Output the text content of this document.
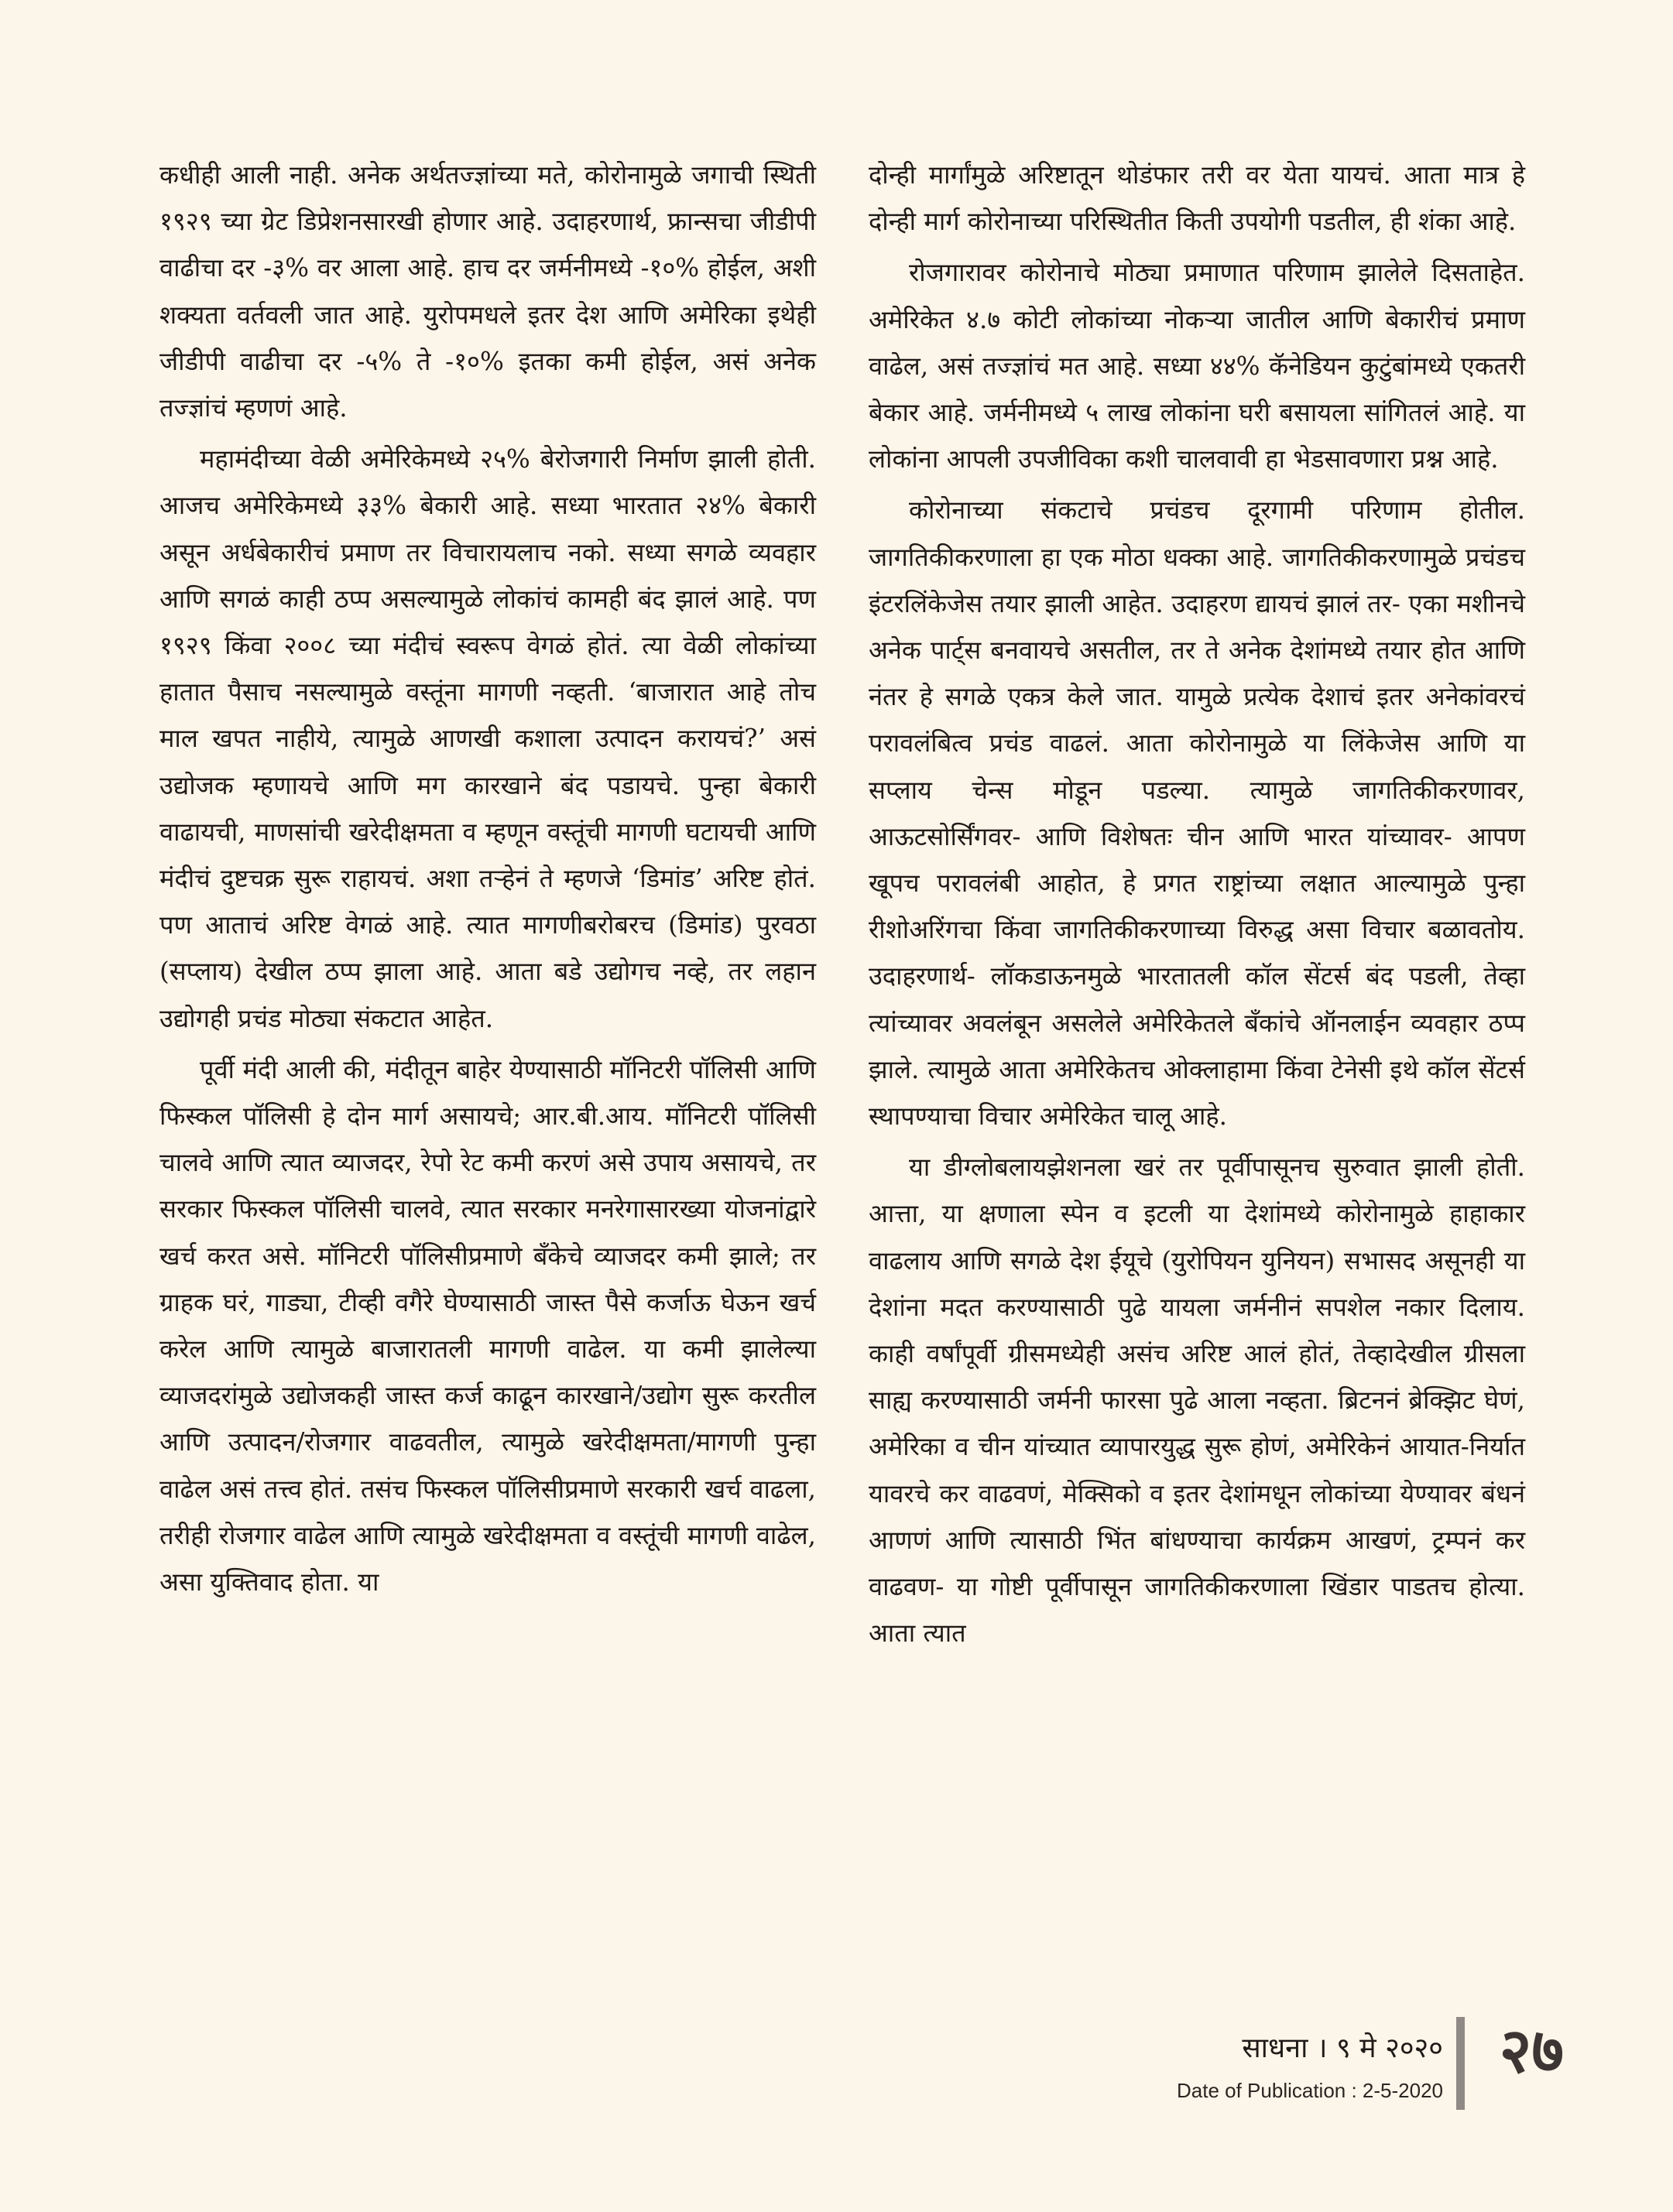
कधीही आली नाही. अनेक अर्थतज्ज्ञांच्या मते, कोरोनामुळे जगाची स्थिती १९२९ च्या ग्रेट डिप्रेशनसारखी होणार आहे. उदाहरणार्थ, फ्रान्सचा जीडीपी वाढीचा दर -३% वर आला आहे. हाच दर जर्मनीमध्ये -१०% होईल, अशी शक्यता वर्तवली जात आहे. युरोपमधले इतर देश आणि अमेरिका इथेही जीडीपी वाढीचा दर -५% ते -१०% इतका कमी होईल, असं अनेक तज्ज्ञांचं म्हणणं आहे.

महामंदीच्या वेळी अमेरिकेमध्ये २५% बेरोजगारी निर्माण झाली होती. आजच अमेरिकेमध्ये ३३% बेकारी आहे. सध्या भारतात २४% बेकारी असून अर्धबेकारीचं प्रमाण तर विचारायलाच नको. सध्या सगळे व्यवहार आणि सगळं काही ठप्प असल्यामुळे लोकांचं कामही बंद झालं आहे. पण १९२९ किंवा २००८ च्या मंदीचं स्वरूप वेगळं होतं. त्या वेळी लोकांच्या हातात पैसाच नसल्यामुळे वस्तूंना मागणी नव्हती. ‘बाजारात आहे तोच माल खपत नाहीये, त्यामुळे आणखी कशाला उत्पादन करायचं?’ असं उद्योजक म्हणायचे आणि मग कारखाने बंद पडायचे. पुन्हा बेकारी वाढायची, माणसांची खरेदीक्षमता व म्हणून वस्तूंची मागणी घटायची आणि मंदीचं दुष्टचक्र सुरू राहायचं. अशा तऱ्हेनं ते म्हणजे ‘डिमांड’ अरिष्ट होतं. पण आताचं अरिष्ट वेगळं आहे. त्यात मागणीबरोबरच (डिमांड) पुरवठा (सप्लाय) देखील ठप्प झाला आहे. आता बडे उद्योगच नव्हे, तर लहान उद्योगही प्रचंड मोठ्या संकटात आहेत.

पूर्वी मंदी आली की, मंदीतून बाहेर येण्यासाठी मॉनिटरी पॉलिसी आणि फिस्कल पॉलिसी हे दोन मार्ग असायचे; आर.बी.आय. मॉनिटरी पॉलिसी चालवे आणि त्यात व्याजदर, रेपो रेट कमी करणं असे उपाय असायचे, तर सरकार फिस्कल पॉलिसी चालवे, त्यात सरकार मनरेगासारख्या योजनांद्वारे खर्च करत असे. मॉनिटरी पॉलिसीप्रमाणे बँकेचे व्याजदर कमी झाले; तर ग्राहक घरं, गाड्या, टीव्ही वगैरे घेण्यासाठी जास्त पैसे कर्जाऊ घेऊन खर्च करेल आणि त्यामुळे बाजारातली मागणी वाढेल. या कमी झालेल्या व्याजदरांमुळे उद्योजकही जास्त कर्ज काढून कारखाने/उद्योग सुरू करतील आणि उत्पादन/रोजगार वाढवतील, त्यामुळे खरेदीक्षमता/मागणी पुन्हा वाढेल असं तत्त्व होतं. तसंच फिस्कल पॉलिसीप्रमाणे सरकारी खर्च वाढला, तरीही रोजगार वाढेल आणि त्यामुळे खरेदीक्षमता व वस्तूंची मागणी वाढेल, असा युक्तिवाद होता. या

दोन्ही मार्गांमुळे अरिष्टातून थोडंफार तरी वर येता यायचं. आता मात्र हे दोन्ही मार्ग कोरोनाच्या परिस्थितीत किती उपयोगी पडतील, ही शंका आहे.

रोजगारावर कोरोनाचे मोठ्या प्रमाणात परिणाम झालेले दिसताहेत. अमेरिकेत ४.७ कोटी लोकांच्या नोकऱ्या जातील आणि बेकारीचं प्रमाण वाढेल, असं तज्ज्ञांचं मत आहे. सध्या ४४% कॅनेडियन कुटुंबांमध्ये एकतरी बेकार आहे. जर्मनीमध्ये ५ लाख लोकांना घरी बसायला सांगितलं आहे. या लोकांना आपली उपजीविका कशी चालवावी हा भेडसावणारा प्रश्न आहे.

कोरोनाच्या संकटाचे प्रचंडच दूरगामी परिणाम होतील. जागतिकीकरणाला हा एक मोठा धक्का आहे. जागतिकीकरणामुळे प्रचंडच इंटरलिंकेजेस तयार झाली आहेत. उदाहरण द्यायचं झालं तर- एका मशीनचे अनेक पार्ट्स बनवायचे असतील, तर ते अनेक देशांमध्ये तयार होत आणि नंतर हे सगळे एकत्र केले जात. यामुळे प्रत्येक देशाचं इतर अनेकांवरचं परावलंबित्व प्रचंड वाढलं. आता कोरोनामुळे या लिंकेजेस आणि या सप्लाय चेन्स मोडून पडल्या. त्यामुळे जागतिकीकरणावर, आऊटसोर्सिंगवर- आणि विशेषतः चीन आणि भारत यांच्यावर- आपण खूपच परावलंबी आहोत, हे प्रगत राष्ट्रांच्या लक्षात आल्यामुळे पुन्हा रीशोअरिंगचा किंवा जागतिकीकरणाच्या विरुद्ध असा विचार बळावतोय. उदाहरणार्थ- लॉकडाऊनमुळे भारतातली कॉल सेंटर्स बंद पडली, तेव्हा त्यांच्यावर अवलंबून असलेले अमेरिकेतले बँकांचे ऑनलाईन व्यवहार ठप्प झाले. त्यामुळे आता अमेरिकेतच ओक्लाहामा किंवा टेनेसी इथे कॉल सेंटर्स स्थापण्याचा विचार अमेरिकेत चालू आहे.

या डीग्लोबलायझेशनला खरं तर पूर्वीपासूनच सुरुवात झाली होती. आत्ता, या क्षणाला स्पेन व इटली या देशांमध्ये कोरोनामुळे हाहाकार वाढलाय आणि सगळे देश ईयूचे (युरोपियन युनियन) सभासद असूनही या देशांना मदत करण्यासाठी पुढे यायला जर्मनीनं सपशेल नकार दिलाय. काही वर्षांपूर्वी ग्रीसमध्येही असंच अरिष्ट आलं होतं, तेव्हादेखील ग्रीसला साह्य करण्यासाठी जर्मनी फारसा पुढे आला नव्हता. ब्रिटननं ब्रेक्झिट घेणं, अमेरिका व चीन यांच्यात व्यापारयुद्ध सुरू होणं, अमेरिकेनं आयात-निर्यात यावरचे कर वाढवणं, मेक्सिको व इतर देशांमधून लोकांच्या येण्यावर बंधनं आणणं आणि त्यासाठी भिंत बांधण्याचा कार्यक्रम आखणं, ट्रम्पनं कर वाढवण- या गोष्टी पूर्वीपासून जागतिकीकरणाला खिंडार पाडतच होत्या. आता त्यात

साधना । ९ मे २०२० २७
Date of Publication : 2-5-2020
